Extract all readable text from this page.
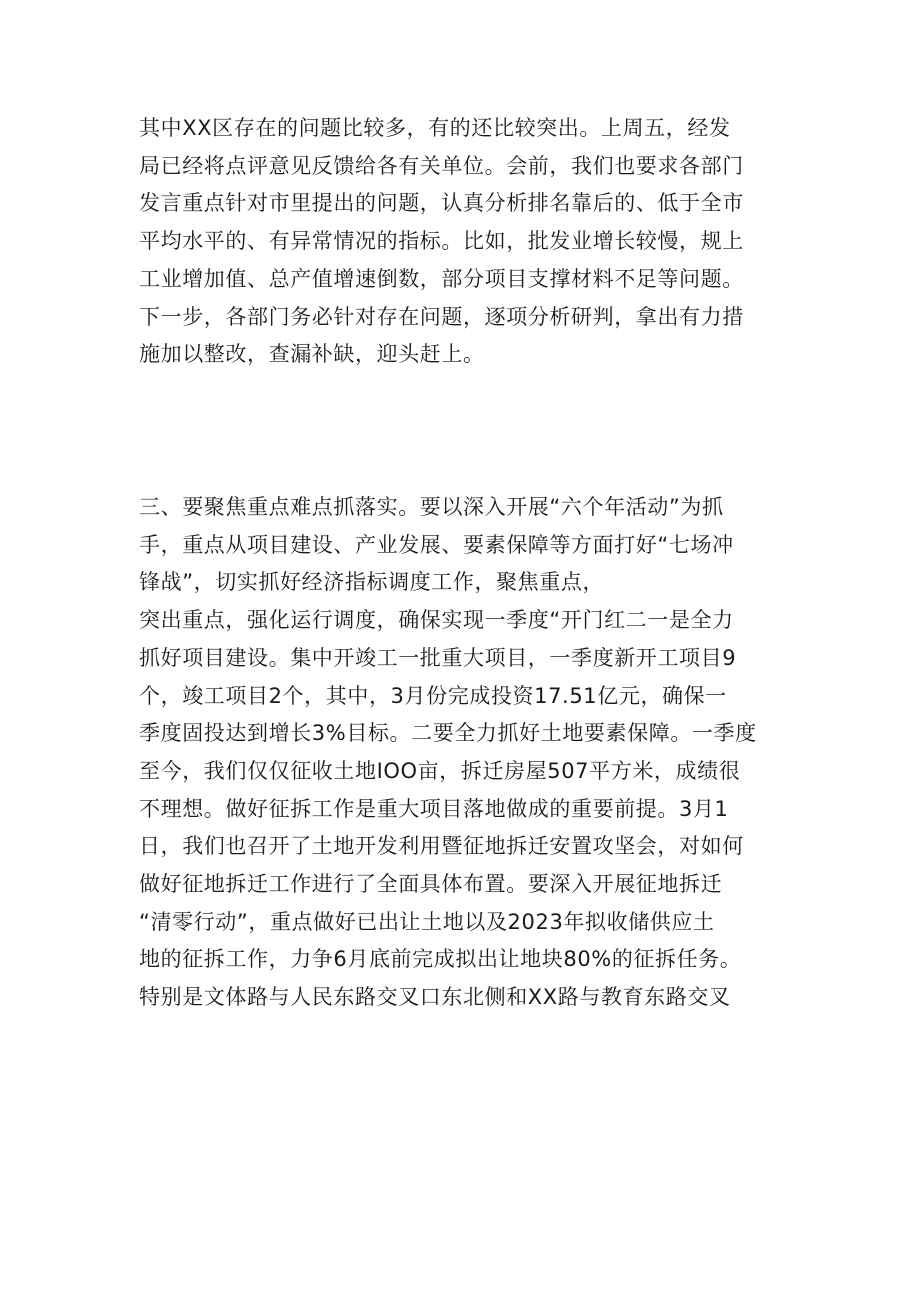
其中XX区存在的问题比较多，有的还比较突出。上周五，经发
局已经将点评意见反馈给各有关单位。会前，我们也要求各部门
发言重点针对市里提出的问题，认真分析排名靠后的、低于全市
平均水平的、有异常情况的指标。比如，批发业增长较慢，规上
工业增加值、总产值增速倒数，部分项目支撑材料不足等问题。
下一步，各部门务必针对存在问题，逐项分析研判，拿出有力措
施加以整改，查漏补缺，迎头赶上。
三、要聚焦重点难点抓落实。要以深入开展“六个年活动”为抓
手，重点从项目建设、产业发展、要素保障等方面打好“七场冲
锋战”，切实抓好经济指标调度工作，聚焦重点，
突出重点，强化运行调度，确保实现一季度“开门红二一是全力
抓好项目建设。集中开竣工一批重大项目，一季度新开工项目9
个，竣工项目2个，其中，3月份完成投资17.51亿元，确保一
季度固投达到增长3%目标。二要全力抓好土地要素保障。一季度
至今，我们仅仅征收土地IOO亩，拆迁房屋507平方米，成绩很
不理想。做好征拆工作是重大项目落地做成的重要前提。3月1
日，我们也召开了土地开发利用暨征地拆迁安置攻坚会，对如何
做好征地拆迁工作进行了全面具体布置。要深入开展征地拆迁
“清零行动”，重点做好已出让土地以及2023年拟收储供应土
地的征拆工作，力争6月底前完成拟出让地块80%的征拆任务。
特别是文体路与人民东路交叉口东北侧和XX路与教育东路交叉
